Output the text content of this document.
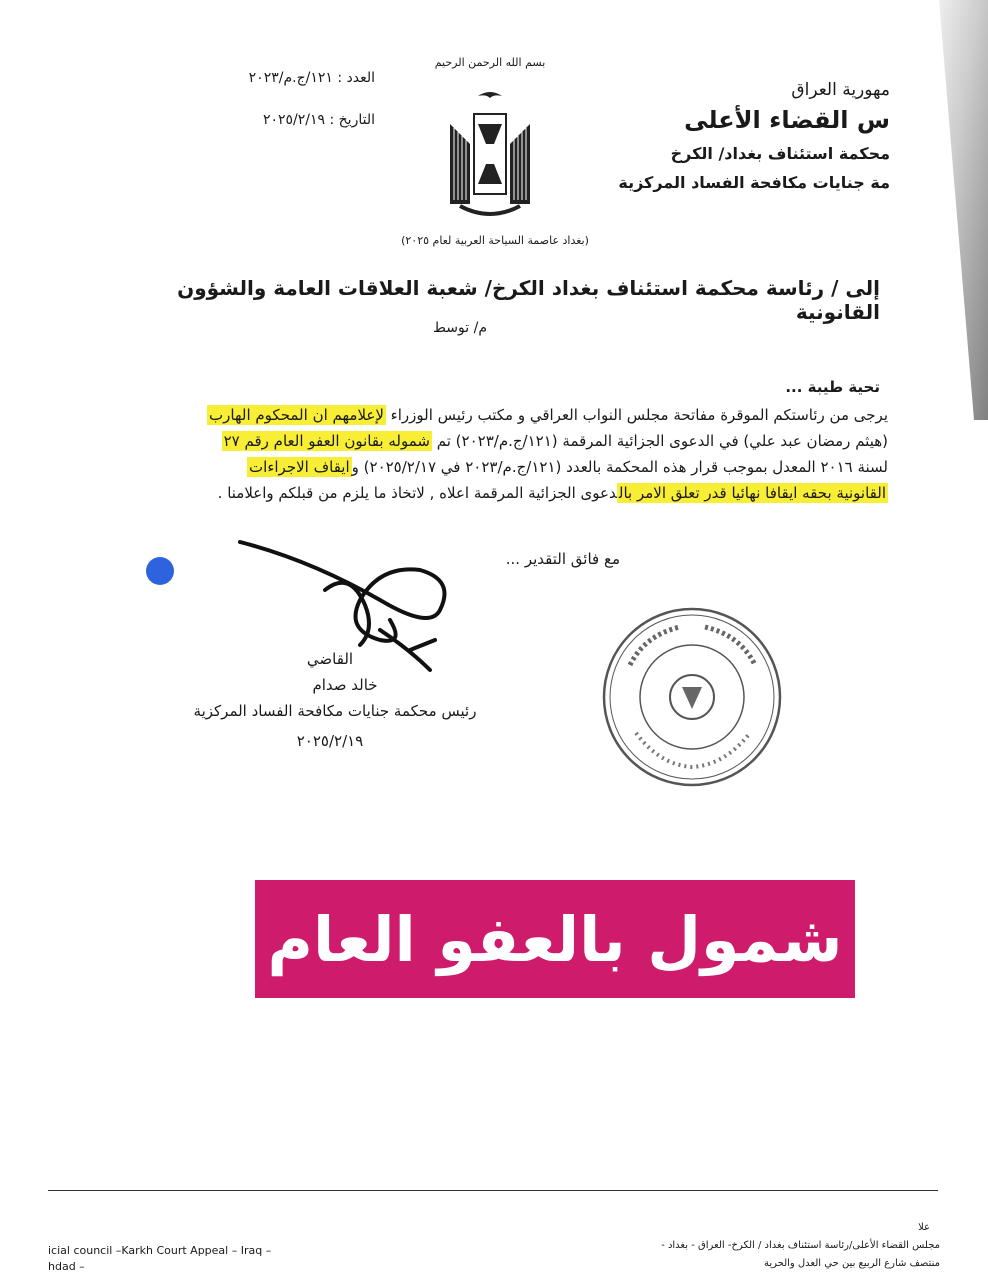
بسم الله الرحمن الرحيم
العدد : ١٢١/ج.م/٢٠٢٣
التاريخ : ٢٠٢٥/٢/١٩
مهورية العراق
س القضاء الأعلى
محكمة استئناف بغداد/ الكرخ
مة جنايات مكافحة الفساد المركزية
(بغداد عاصمة السياحة العربية لعام ٢٠٢٥)
إلى / رئاسة محكمة استئناف بغداد الكرخ/ شعبة العلاقات العامة والشؤون القانونية
م/ توسط
تحية طيبة ...
يرجى من رئاستكم الموقرة مفاتحة مجلس النواب العراقي و مكتب رئيس الوزراء لإعلامهم ان المحكوم الهارب
(هيثم رمضان عبد علي) في الدعوى الجزائية المرقمة (١٢١/ج.م/٢٠٢٣) تم شموله بقانون العفو العام رقم ٢٧
لسنة ٢٠١٦ المعدل بموجب قرار هذه المحكمة بالعدد (١٢١/ج.م/٢٠٢٣ في ٢٠٢٥/٢/١٧) وايقاف الاجراءات
القانونية بحقه ايقافا نهائيا قدر تعلق الامر بالدعوى الجزائية المرقمة اعلاه , لاتخاذ ما يلزم من قبلكم واعلامنا .
مع فائق التقدير ...
القاضي
خالد صدام
رئيس محكمة جنايات مكافحة الفساد المركزية
٢٠٢٥/٢/١٩
شمول بالعفو العام
علا
icial council –Karkh Court Appeal – Iraq –
hdad –
مجلس القضاء الأعلى/رئاسة استئناف بغداد / الكرخ- العراق - بغداد -
منتصف شارع الربيع بين حي العدل والحرية
